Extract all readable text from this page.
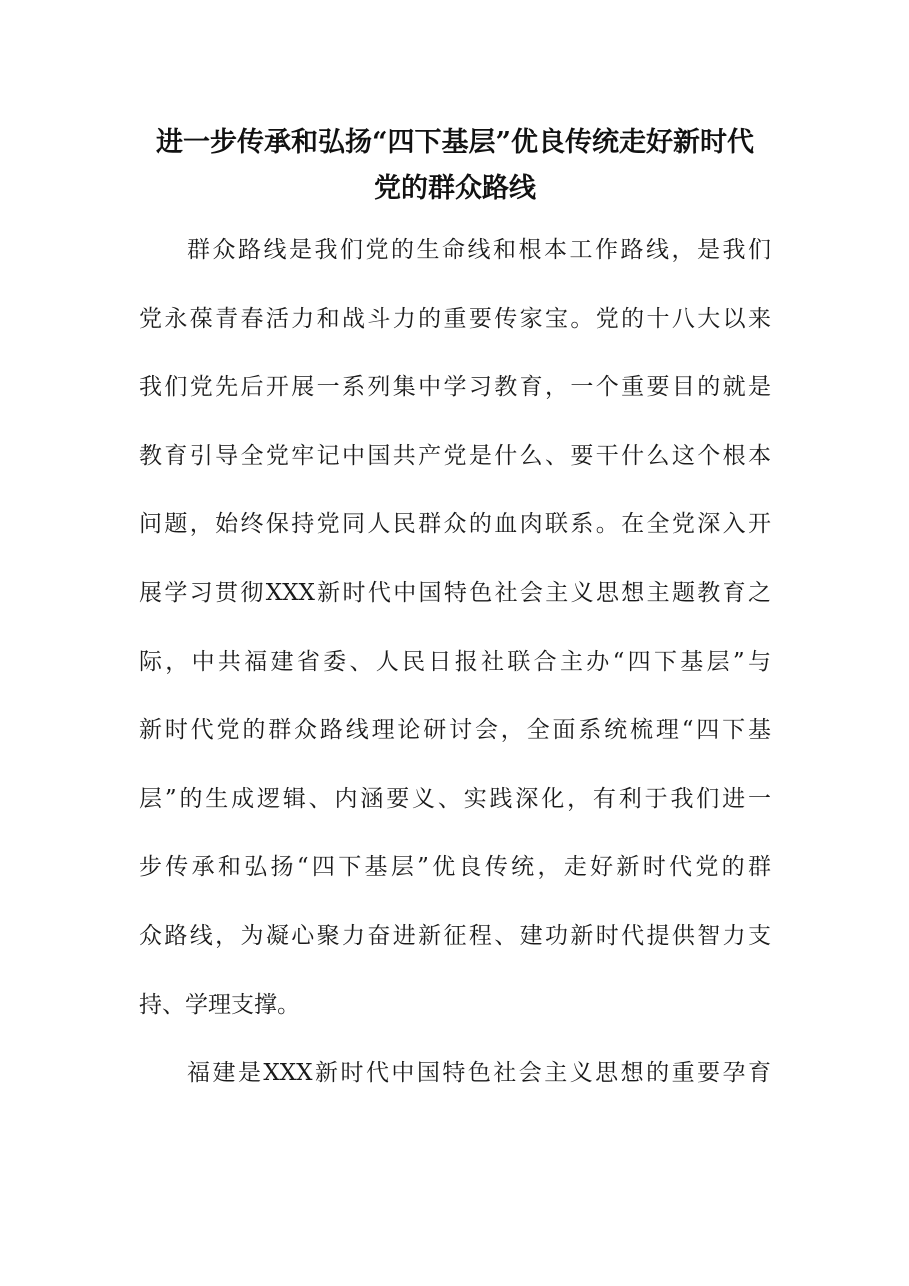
进一步传承和弘扬“四下基层”优良传统走好新时代
党的群众路线
群众路线是我们党的生命线和根本工作路线，是我们
党永葆青春活力和战斗力的重要传家宝。党的十八大以来
我们党先后开展一系列集中学习教育，一个重要目的就是
教育引导全党牢记中国共产党是什么、要干什么这个根本
问题，始终保持党同人民群众的血肉联系。在全党深入开
展学习贯彻XXX新时代中国特色社会主义思想主题教育之
际，中共福建省委、人民日报社联合主办“四下基层”与
新时代党的群众路线理论研讨会，全面系统梳理“四下基
层”的生成逻辑、内涵要义、实践深化，有利于我们进一
步传承和弘扬“四下基层”优良传统，走好新时代党的群
众路线，为凝心聚力奋进新征程、建功新时代提供智力支
持、学理支撑。
福建是XXX新时代中国特色社会主义思想的重要孕育
